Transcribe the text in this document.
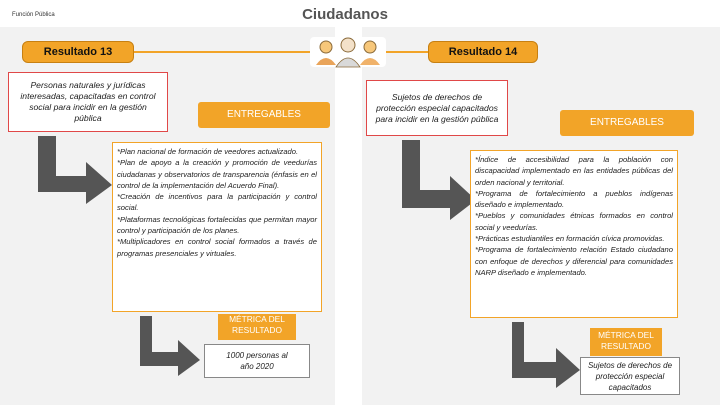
Función Pública	Ciudadanos
Resultado 13
Personas naturales y jurídicas interesadas, capacitadas en control social para incidir en la gestión pública	ENTREGABLES

*Plan nacional de formación de veedores actualizado.

*Plan de apoyo a la creación y promoción de veedurías ciudadanas y observatorios de transparencia (énfasis en el control de la implementación del Acuerdo Final).

*Creación de incentivos para la participación y control social.

*Plataformas tecnológicas fortalecidas que permitan mayor control y participación de los planes.

*Multiplicadores en control social formados a través de programas presenciales y virtuales.

MÉTRICA DEL RESULTADO
1000 personas al año 2020
Resultado 14
Sujetos de derechos de protección especial capacitados para incidir en la gestión pública	ENTREGABLES

*Índice de accesibilidad para la población con discapacidad implementado en las entidades públicas del orden nacional y territorial.

*Programa de fortalecimiento a pueblos indígenas diseñado e implementado.

*Pueblos y comunidades étnicas formados en control social y veedurías.

*Prácticas estudiantiles en formación cívica promovidas.

*Programa de fortalecimiento relación Estado ciudadano con enfoque de derechos y diferencial para comunidades NARP diseñado e implementado.

MÉTRICA DEL RESULTADO
Sujetos de derechos de protección especial capacitados
